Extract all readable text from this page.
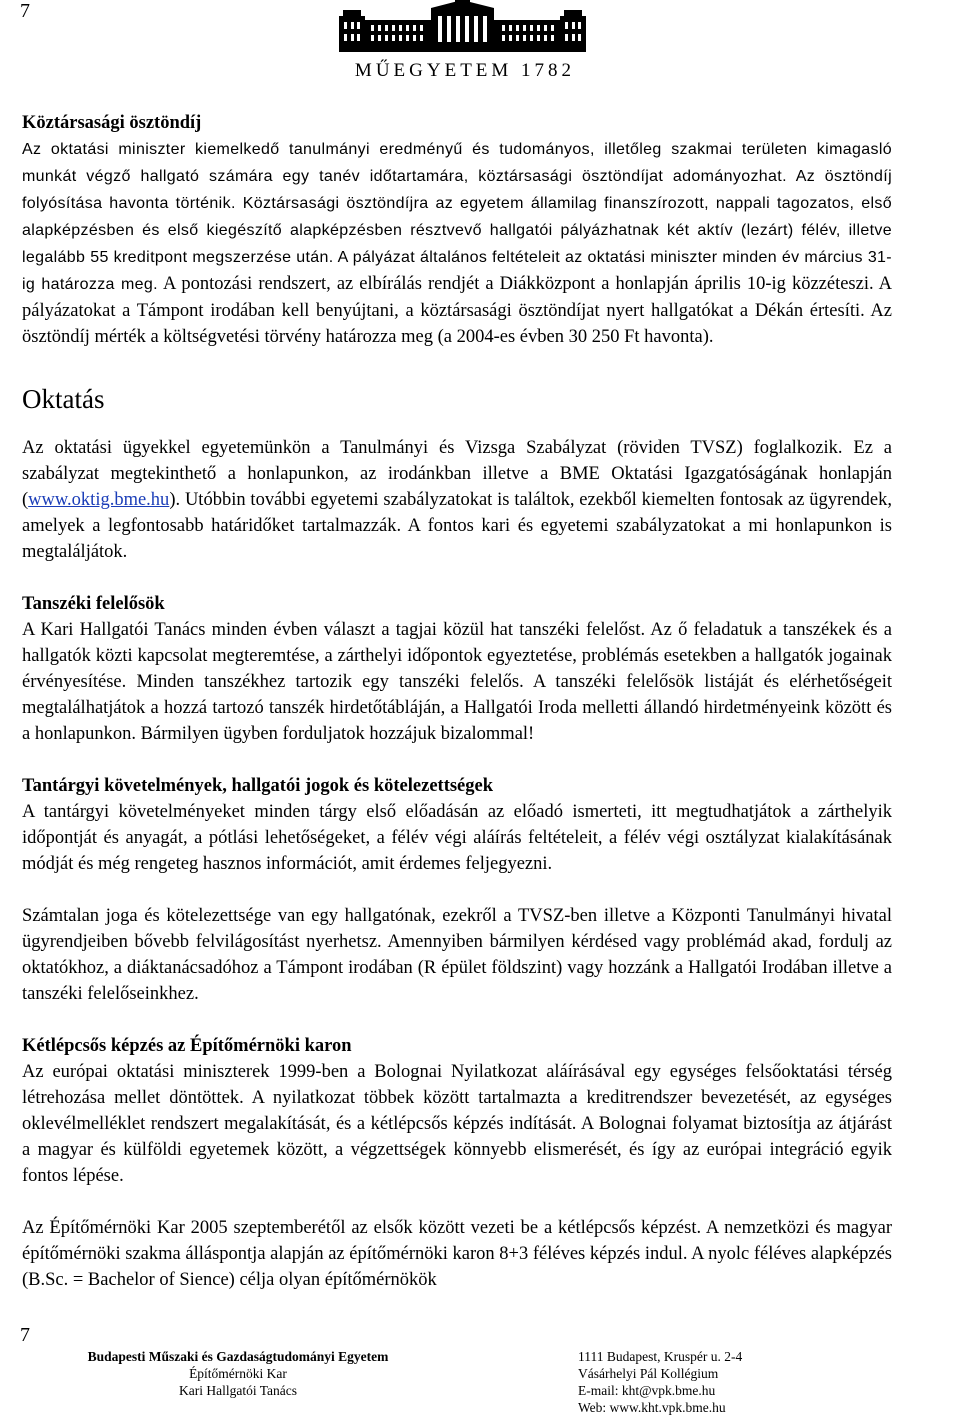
7
MŰEGYETEM 1782
Köztársasági ösztöndíj

Az oktatási miniszter kiemelkedő tanulmányi eredményű és tudományos, illetőleg szakmai területen kimagasló munkát végző hallgató számára egy tanév időtartamára, köztársasági ösztöndíjat adományozhat. Az ösztöndíj folyósítása havonta történik. Köztársasági ösztöndíjra az egyetem államilag finanszírozott, nappali tagozatos, első alapképzésben és első kiegészítő alapképzésben résztvevő hallgatói pályázhatnak két aktív (lezárt) félév, illetve legalább 55 kreditpont megszerzése után. A pályázat általános feltételeit az oktatási miniszter minden év március 31-ig határozza meg. A pontozási rendszert, az elbírálás rendjét a Diákközpont a honlapján április 10-ig közzéteszi. A pályázatokat a Támpont irodában kell benyújtani, a köztársasági ösztöndíjat nyert hallgatókat a Dékán értesíti. Az ösztöndíj mérték a költségvetési törvény határozza meg (a 2004-es évben 30 250 Ft havonta).

Oktatás

Az oktatási ügyekkel egyetemünkön a Tanulmányi és Vizsga Szabályzat (röviden TVSZ) foglalkozik. Ez a szabályzat megtekinthető a honlapunkon, az irodánkban illetve a BME Oktatási Igazgatóságának honlapján (www.oktig.bme.hu). Utóbbin további egyetemi szabályzatokat is találtok, ezekből kiemelten fontosak az ügyrendek, amelyek a legfontosabb határidőket tartalmazzák. A fontos kari és egyetemi szabályzatokat a mi honlapunkon is megtaláljátok.

Tanszéki felelősök

A Kari Hallgatói Tanács minden évben választ a tagjai közül hat tanszéki felelőst. Az ő feladatuk a tanszékek és a hallgatók közti kapcsolat megteremtése, a zárthelyi időpontok egyeztetése, problémás esetekben a hallgatók jogainak érvényesítése. Minden tanszékhez tartozik egy tanszéki felelős. A tanszéki felelősök listáját és elérhetőségeit megtalálhatjátok a hozzá tartozó tanszék hirdetőtábláján, a Hallgatói Iroda melletti állandó hirdetményeink között és a honlapunkon. Bármilyen ügyben forduljatok hozzájuk bizalommal!

Tantárgyi követelmények, hallgatói jogok és kötelezettségek

A tantárgyi követelményeket minden tárgy első előadásán az előadó ismerteti, itt megtudhatjátok a zárthelyik időpontját és anyagát, a pótlási lehetőségeket, a félév végi aláírás feltételeit, a félév végi osztályzat kialakításának módját és még rengeteg hasznos információt, amit érdemes feljegyezni.

Számtalan joga és kötelezettsége van egy hallgatónak, ezekről a TVSZ-ben illetve a Központi Tanulmányi hivatal ügyrendjeiben bővebb felvilágosítást nyerhetsz. Amennyiben bármilyen kérdésed vagy problémád akad, fordulj az oktatókhoz, a diáktanácsadóhoz a Támpont irodában (R épület földszint) vagy hozzánk a Hallgatói Irodában illetve a tanszéki felelőseinkhez.

Kétlépcsős képzés az Építőmérnöki karon

Az európai oktatási miniszterek 1999-ben a Bolognai Nyilatkozat aláírásával egy egységes felsőoktatási térség létrehozása mellet döntöttek. A nyilatkozat többek között tartalmazta a kreditrendszer bevezetését, az egységes oklevélmelléklet rendszert megalakítását, és a kétlépcsős képzés indítását. A Bolognai folyamat biztosítja az átjárást a magyar és külföldi egyetemek között, a végzettségek könnyebb elismerését, és így az európai integráció egyik fontos lépése.

Az Építőmérnöki Kar 2005 szeptemberétől az elsők között vezeti be a kétlépcsős képzést. A nemzetközi és magyar építőmérnöki szakma álláspontja alapján az építőmérnöki karon 8+3 féléves képzés indul. A nyolc féléves alapképzés (B.Sc. = Bachelor of Sience) célja olyan építőmérnökök

7
Budapesti Műszaki és Gazdaságtudományi Egyetem
Építőmérnöki Kar
Kari Hallgatói Tanács
1111 Budapest, Kruspér u. 2-4
Vásárhelyi Pál Kollégium
E-mail: kht@vpk.bme.hu
Web: www.kht.vpk.bme.hu
